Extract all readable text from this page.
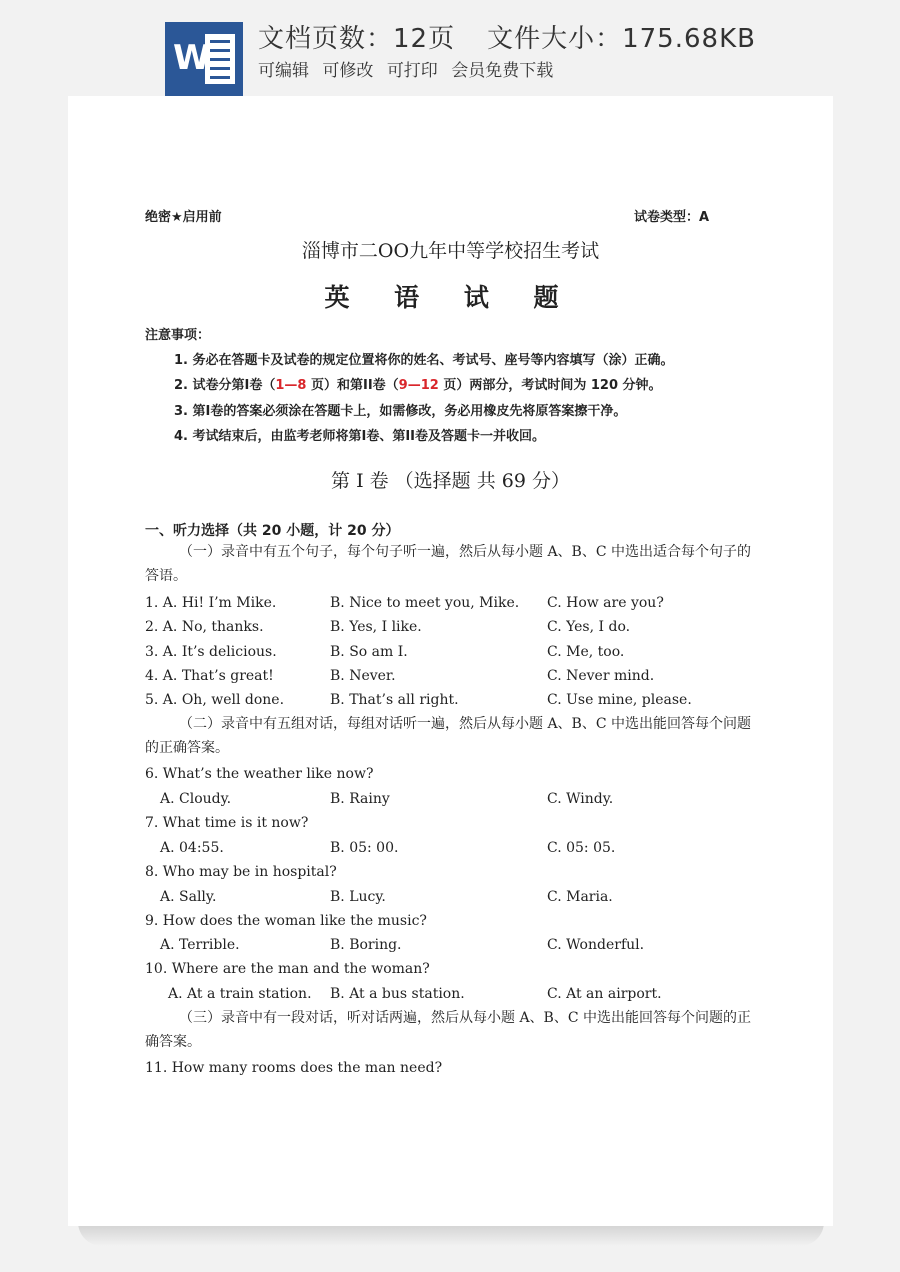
W 文档页数：12页 文件大小：175.68KB
可编辑 可修改 可打印 会员免费下载
绝密★启用前	试卷类型：A
淄博市二OO九年中等学校招生考试
英 语 试 题
注意事项：
1. 务必在答题卡及试卷的规定位置将你的姓名、考试号、座号等内容填写（涂）正确。
2. 试卷分第I卷（1—8 页）和第II卷（9—12 页）两部分，考试时间为 120 分钟。
3. 第I卷的答案必须涂在答题卡上，如需修改，务必用橡皮先将原答案擦干净。
4. 考试结束后，由监考老师将第I卷、第II卷及答题卡一并收回。
第 I 卷 （选择题 共 69 分）
一、听力选择（共 20 小题，计 20 分）
（一）录音中有五个句子，每个句子听一遍，然后从每小题 A、B、C 中选出适合每个句子的答语。
1. A. Hi! I’m Mike.	B. Nice to meet you, Mike. C. How are you?
2. A. No, thanks.	B. Yes, I like.	C. Yes, I do.
3. A. It’s delicious.	B. So am I.	C. Me, too.
4. A. That’s great!	B. Never.	C. Never mind.
5. A. Oh, well done.	B. That’s all right.	C. Use mine, please.
（二）录音中有五组对话，每组对话听一遍，然后从每小题 A、B、C 中选出能回答每个问题的正确答案。
6. What’s the weather like now?
A. Cloudy.	B. Rainy	C. Windy.
7. What time is it now?
A. 04:55.	B. 05: 00.	C. 05: 05.
8. Who may be in hospital?
A. Sally.	B. Lucy.	C. Maria.
9. How does the woman like the music?
A. Terrible.	B. Boring.	C. Wonderful.
10. Where are the man and the woman?
A. At a train station. B. At a bus station.	C. At an airport.
（三）录音中有一段对话，听对话两遍，然后从每小题 A、B、C 中选出能回答每个问题的正确答案。
11. How many rooms does the man need?
